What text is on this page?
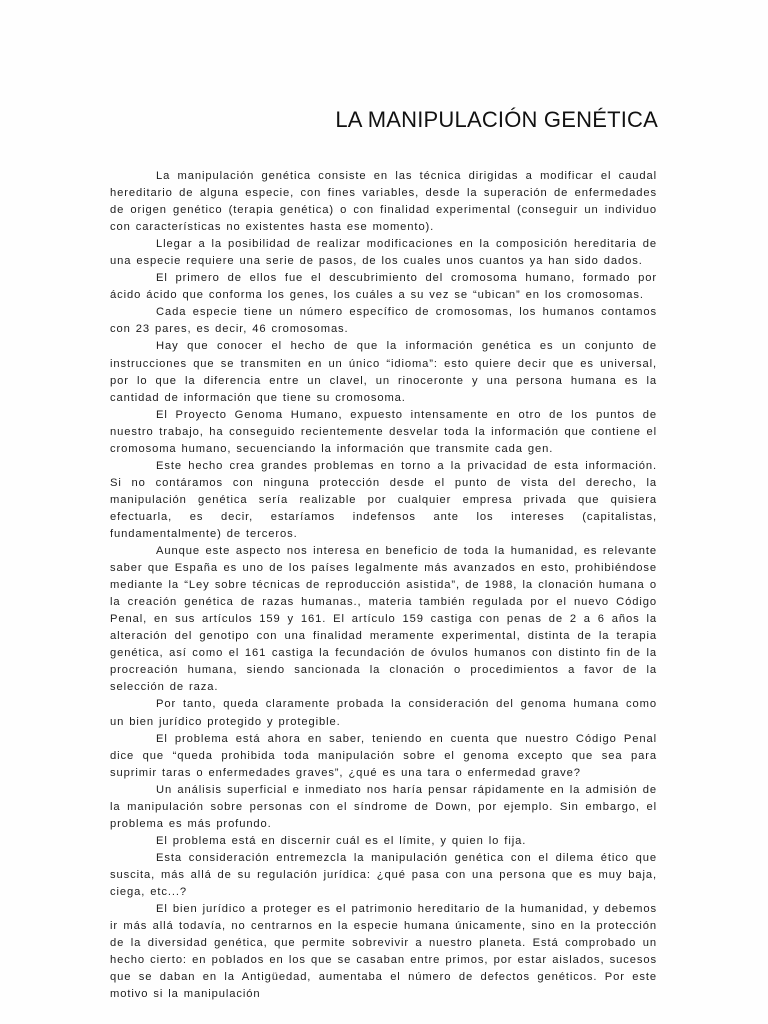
LA MANIPULACIÓN GENÉTICA

La manipulación genética consiste en las técnica dirigidas a modificar el caudal hereditario de alguna especie, con fines variables, desde la superación de enfermedades de origen genético (terapia genética) o con finalidad experimental (conseguir un individuo con características no existentes hasta ese momento).

Llegar a la posibilidad de realizar modificaciones en la composición hereditaria de una especie requiere una serie de pasos, de los cuales unos cuantos ya han sido dados.

El primero de ellos fue el descubrimiento del cromosoma humano, formado por ácido ácido que conforma los genes, los cuáles a su vez se “ubican” en los cromosomas.

Cada especie tiene un número específico de cromosomas, los humanos contamos con 23 pares, es decir, 46 cromosomas.

Hay que conocer el hecho de que la información genética es un conjunto de instrucciones que se transmiten en un único “idioma”: esto quiere decir que es universal, por lo que la diferencia entre un clavel, un rinoceronte y una persona humana es la cantidad de información que tiene su cromosoma.

El Proyecto Genoma Humano, expuesto intensamente en otro de los puntos de nuestro trabajo, ha conseguido recientemente desvelar toda la información que contiene el cromosoma humano, secuenciando la información que transmite cada gen.

Este hecho crea grandes problemas en torno a la privacidad de esta información. Si no contáramos con ninguna protección desde el punto de vista del derecho, la manipulación genética sería realizable por cualquier empresa privada que quisiera efectuarla, es decir, estaríamos indefensos ante los intereses (capitalistas, fundamentalmente) de terceros.

Aunque este aspecto nos interesa en beneficio de toda la humanidad, es relevante saber que España es uno de los países legalmente más avanzados en esto, prohibiéndose mediante la “Ley sobre técnicas de reproducción asistida”, de 1988, la clonación humana o la creación genética de razas humanas., materia también regulada por el nuevo Código Penal, en sus artículos 159 y 161. El artículo 159 castiga con penas de 2 a 6 años la alteración del genotipo con una finalidad meramente experimental, distinta de la terapia genética, así como el 161 castiga la fecundación de óvulos humanos con distinto fin de la procreación humana, siendo sancionada la clonación o procedimientos a favor de la selección de raza.

Por tanto, queda claramente probada la consideración del genoma humana como un bien jurídico protegido y protegible.

El problema está ahora en saber, teniendo en cuenta que nuestro Código Penal dice que “queda prohibida toda manipulación sobre el genoma excepto que sea para suprimir taras o enfermedades graves”, ¿qué es una tara o enfermedad grave?

Un análisis superficial e inmediato nos haría pensar rápidamente en la admisión de la manipulación sobre personas con el síndrome de Down, por ejemplo. Sin embargo, el problema es más profundo.

El problema está en discernir cuál es el límite, y quien lo fija.

Esta consideración entremezcla la manipulación genética con el dilema ético que suscita, más allá de su regulación jurídica: ¿qué pasa con una persona que es muy baja, ciega, etc...?

El bien jurídico a proteger es el patrimonio hereditario de la humanidad, y debemos ir más allá todavía, no centrarnos en la especie humana únicamente, sino en la protección de la diversidad genética, que permite sobrevivir a nuestro planeta. Está comprobado un hecho cierto: en poblados en los que se casaban entre primos, por estar aislados, sucesos que se daban en la Antigüedad, aumentaba el número de defectos genéticos. Por este motivo si la manipulación
